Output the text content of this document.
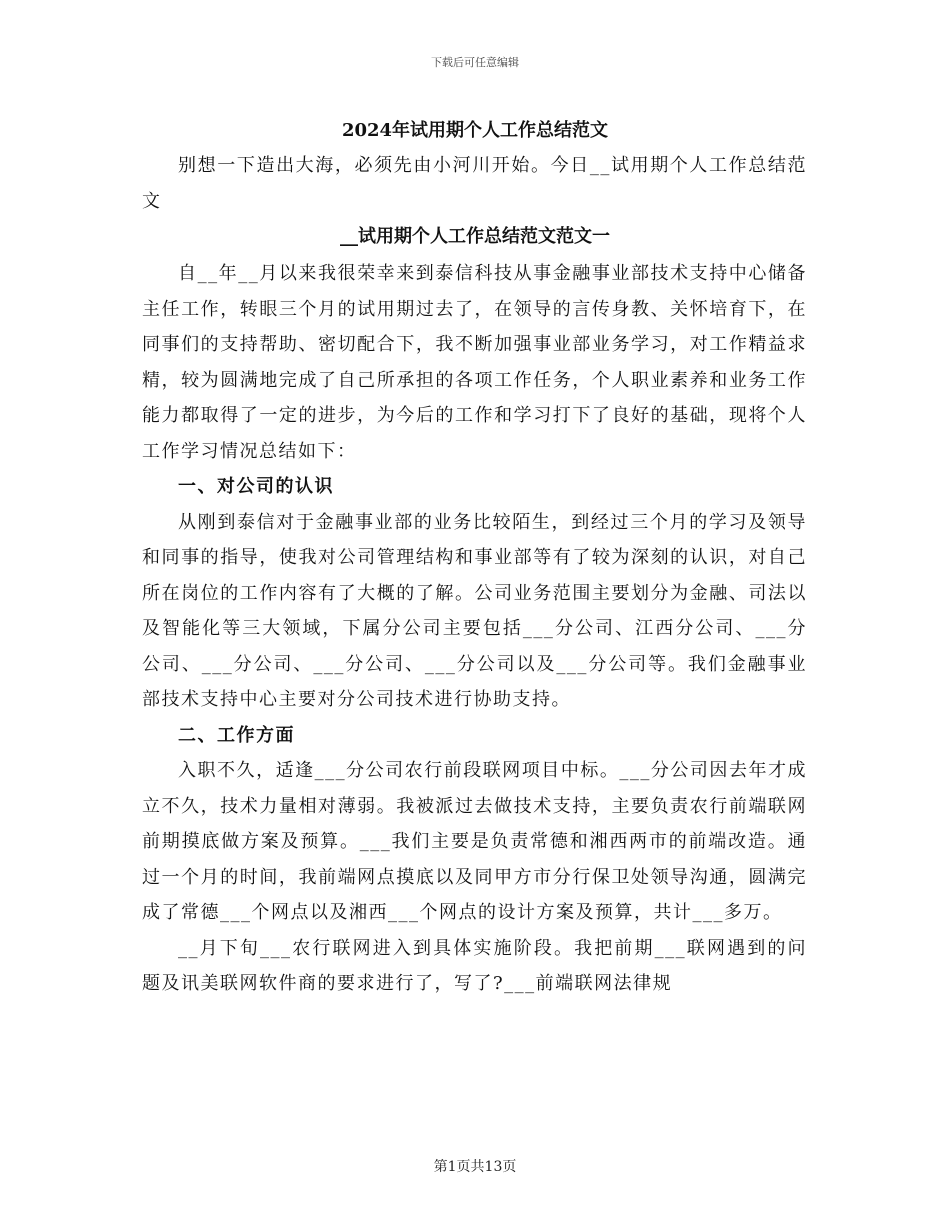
下载后可任意编辑
2024年试用期个人工作总结范文

别想一下造出大海，必须先由小河川开始。今日__试用期个人工作总结范文

__试用期个人工作总结范文范文一

自__年__月以来我很荣幸来到泰信科技从事金融事业部技术支持中心储备主任工作，转眼三个月的试用期过去了，在领导的言传身教、关怀培育下，在同事们的支持帮助、密切配合下，我不断加强事业部业务学习，对工作精益求精，较为圆满地完成了自己所承担的各项工作任务，个人职业素养和业务工作能力都取得了一定的进步，为今后的工作和学习打下了良好的基础，现将个人工作学习情况总结如下：

一、对公司的认识

从刚到泰信对于金融事业部的业务比较陌生，到经过三个月的学习及领导和同事的指导，使我对公司管理结构和事业部等有了较为深刻的认识，对自己所在岗位的工作内容有了大概的了解。公司业务范围主要划分为金融、司法以及智能化等三大领域，下属分公司主要包括___分公司、江西分公司、___分公司、___分公司、___分公司、___分公司以及___分公司等。我们金融事业部技术支持中心主要对分公司技术进行协助支持。

二、工作方面

入职不久，适逢___分公司农行前段联网项目中标。___分公司因去年才成立不久，技术力量相对薄弱。我被派过去做技术支持，主要负责农行前端联网前期摸底做方案及预算。___我们主要是负责常德和湘西两市的前端改造。通过一个月的时间，我前端网点摸底以及同甲方市分行保卫处领导沟通，圆满完成了常德___个网点以及湘西___个网点的设计方案及预算，共计___多万。

__月下旬___农行联网进入到具体实施阶段。我把前期___联网遇到的问题及讯美联网软件商的要求进行了，写了?___前端联网法律规

第1页共13页
